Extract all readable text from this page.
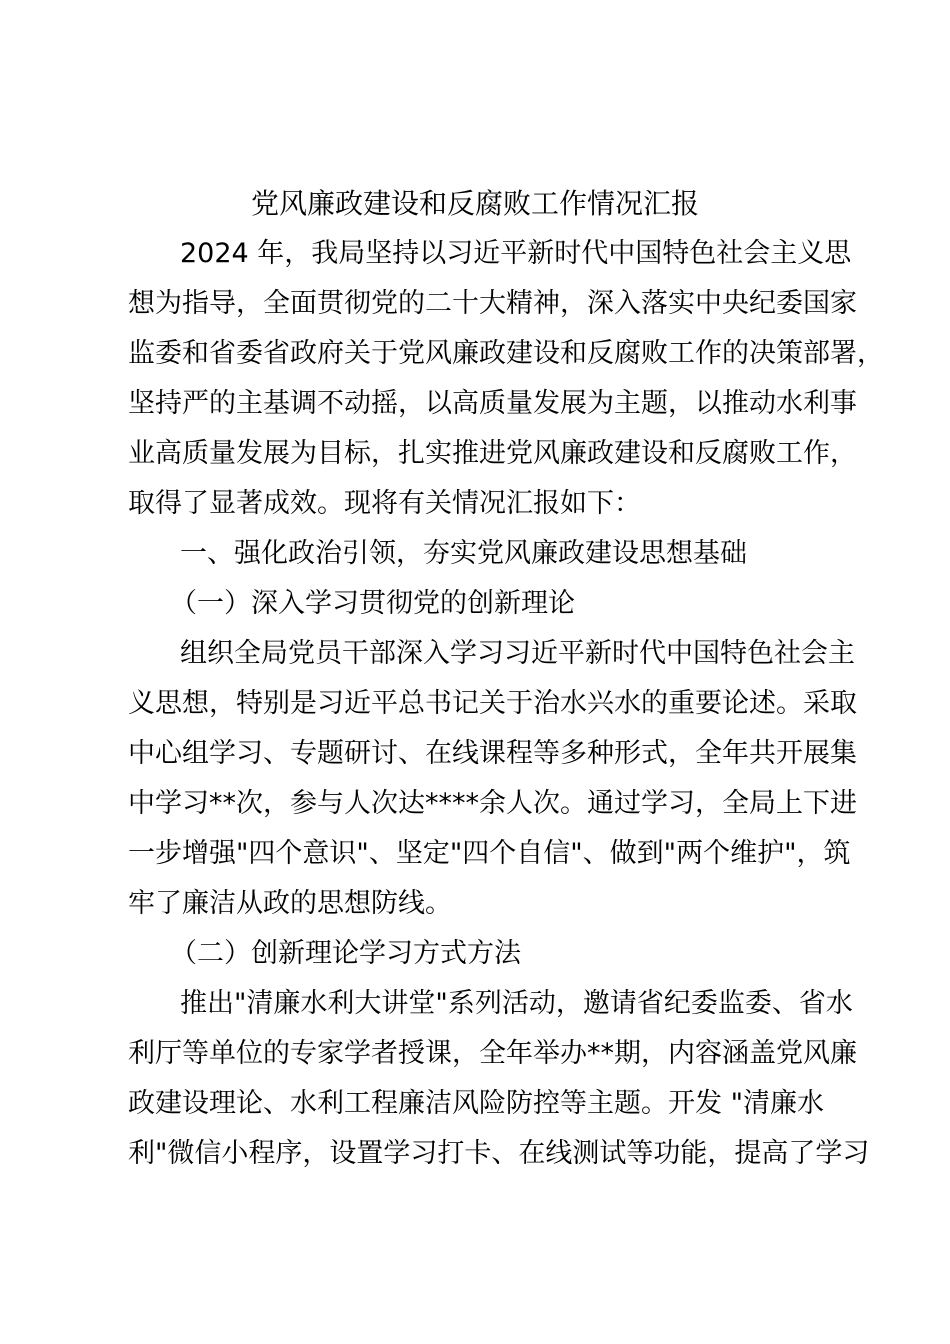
党风廉政建设和反腐败工作情况汇报
2024 年，我局坚持以习近平新时代中国特色社会主义思
想为指导，全面贯彻党的二十大精神，深入落实中央纪委国家
监委和省委省政府关于党风廉政建设和反腐败工作的决策部署，
坚持严的主基调不动摇，以高质量发展为主题，以推动水利事
业高质量发展为目标，扎实推进党风廉政建设和反腐败工作，
取得了显著成效。现将有关情况汇报如下：
一、强化政治引领，夯实党风廉政建设思想基础
（一）深入学习贯彻党的创新理论
组织全局党员干部深入学习习近平新时代中国特色社会主
义思想，特别是习近平总书记关于治水兴水的重要论述。采取
中心组学习、专题研讨、在线课程等多种形式，全年共开展集
中学习**次，参与人次达****余人次。通过学习，全局上下进
一步增强"四个意识"、坚定"四个自信"、做到"两个维护"，筑
牢了廉洁从政的思想防线。
（二）创新理论学习方式方法
推出"清廉水利大讲堂"系列活动，邀请省纪委监委、省水
利厅等单位的专家学者授课，全年举办**期，内容涵盖党风廉
政建设理论、水利工程廉洁风险防控等主题。开发 "清廉水
利"微信小程序，设置学习打卡、在线测试等功能，提高了学习
